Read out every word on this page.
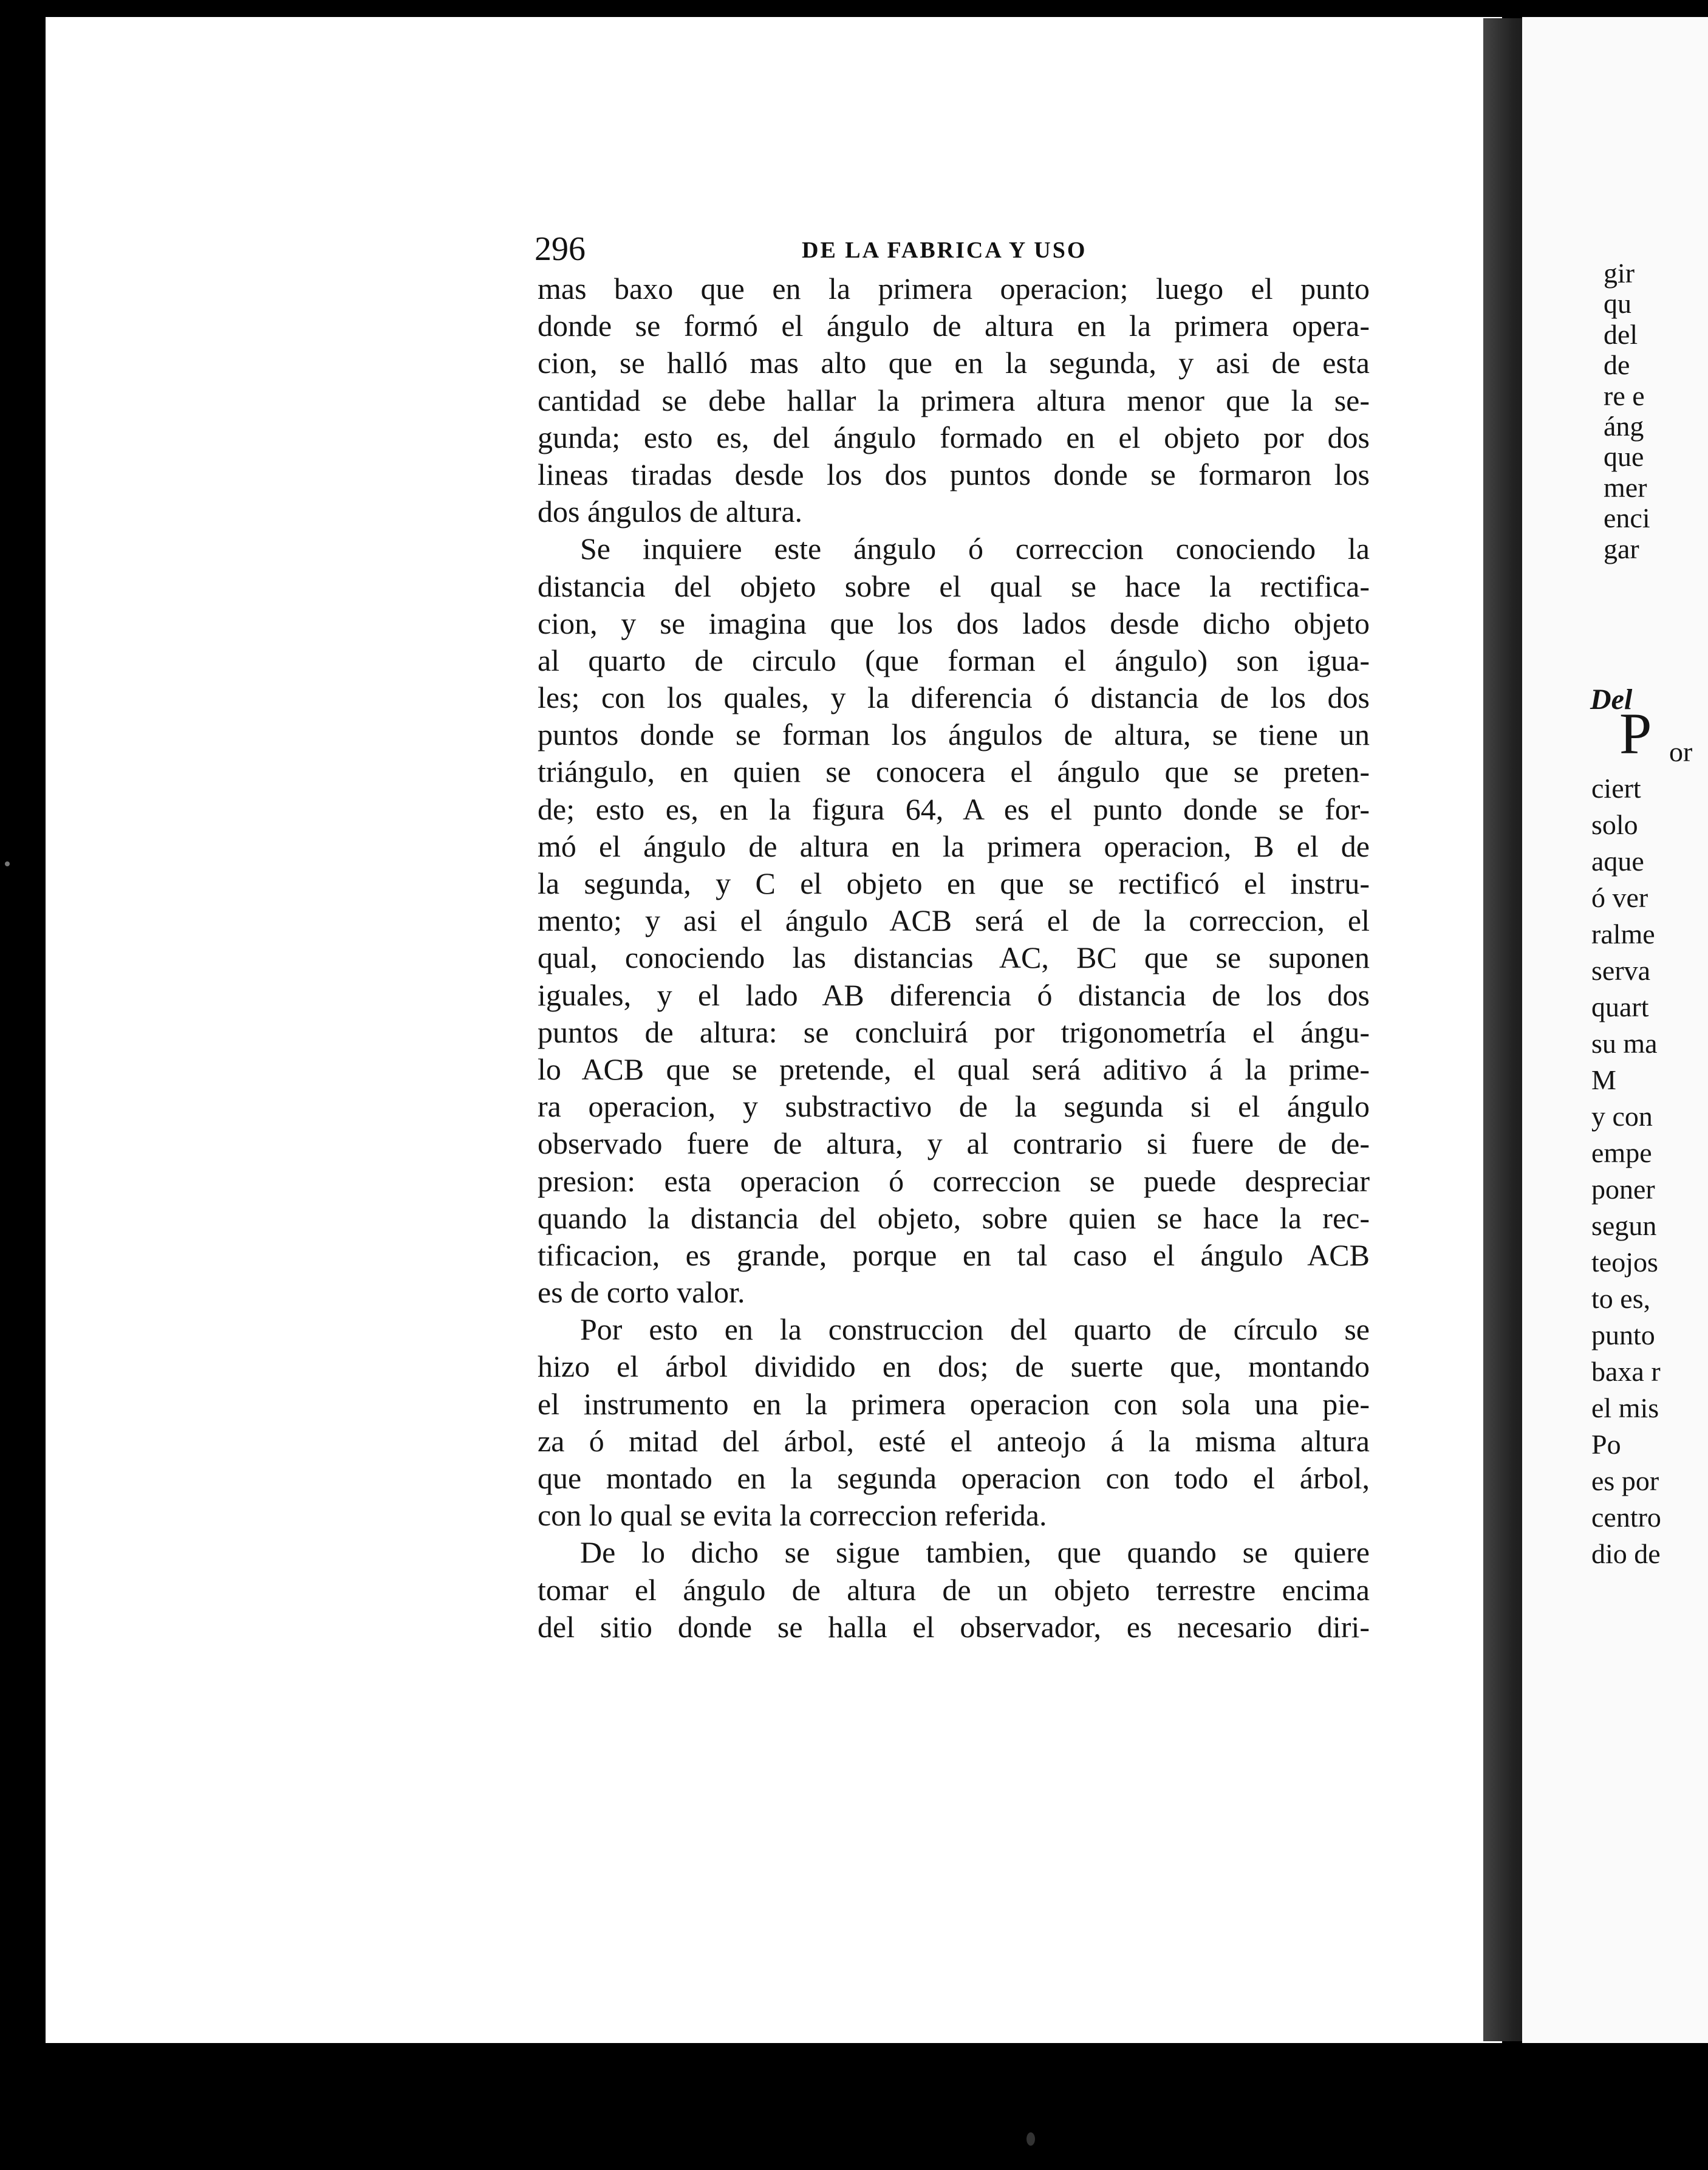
296	DE LA FABRICA Y USO
mas baxo que en la primera operacion; luego el punto
donde se formó el ángulo de altura en la primera opera-
cion, se halló mas alto que en la segunda, y asi de esta
cantidad se debe hallar la primera altura menor que la se-
gunda; esto es, del ángulo formado en el objeto por dos
lineas tiradas desde los dos puntos donde se formaron los
dos ángulos de altura.
Se inquiere este ángulo ó correccion conociendo la
distancia del objeto sobre el qual se hace la rectifica-
cion, y se imagina que los dos lados desde dicho objeto
al quarto de circulo (que forman el ángulo) son igua-
les; con los quales, y la diferencia ó distancia de los dos
puntos donde se forman los ángulos de altura, se tiene un
triángulo, en quien se conocera el ángulo que se preten-
de; esto es, en la figura 64, A es el punto donde se for-
mó el ángulo de altura en la primera operacion, B el de
la segunda, y C el objeto en que se rectificó el instru-
mento; y asi el ángulo ACB será el de la correccion, el
qual, conociendo las distancias AC, BC que se suponen
iguales, y el lado AB diferencia ó distancia de los dos
puntos de altura: se concluirá por trigonometría el ángu-
lo ACB que se pretende, el qual será aditivo á la prime-
ra operacion, y substractivo de la segunda si el ángulo
observado fuere de altura, y al contrario si fuere de de-
presion: esta operacion ó correccion se puede despreciar
quando la distancia del objeto, sobre quien se hace la rec-
tificacion, es grande, porque en tal caso el ángulo ACB
es de corto valor.
Por esto en la construccion del quarto de círculo se
hizo el árbol dividido en dos; de suerte que, montando
el instrumento en la primera operacion con sola una pie-
za ó mitad del árbol, esté el anteojo á la misma altura
que montado en la segunda operacion con todo el árbol,
con lo qual se evita la correccion referida.
De lo dicho se sigue tambien, que quando se quiere
tomar el ángulo de altura de un objeto terrestre encima
del sitio donde se halla el observador, es necesario diri-
gir
qu
del
de
re e
áng
que
mer
enci
gar
Del
P or
ciert
solo
aque
ó ver
ralme
serva
quart
su ma
M
y con
empe
poner
segun
teojos
to es,
punto
baxa r
el mis
Po
es por
centro
dio de
